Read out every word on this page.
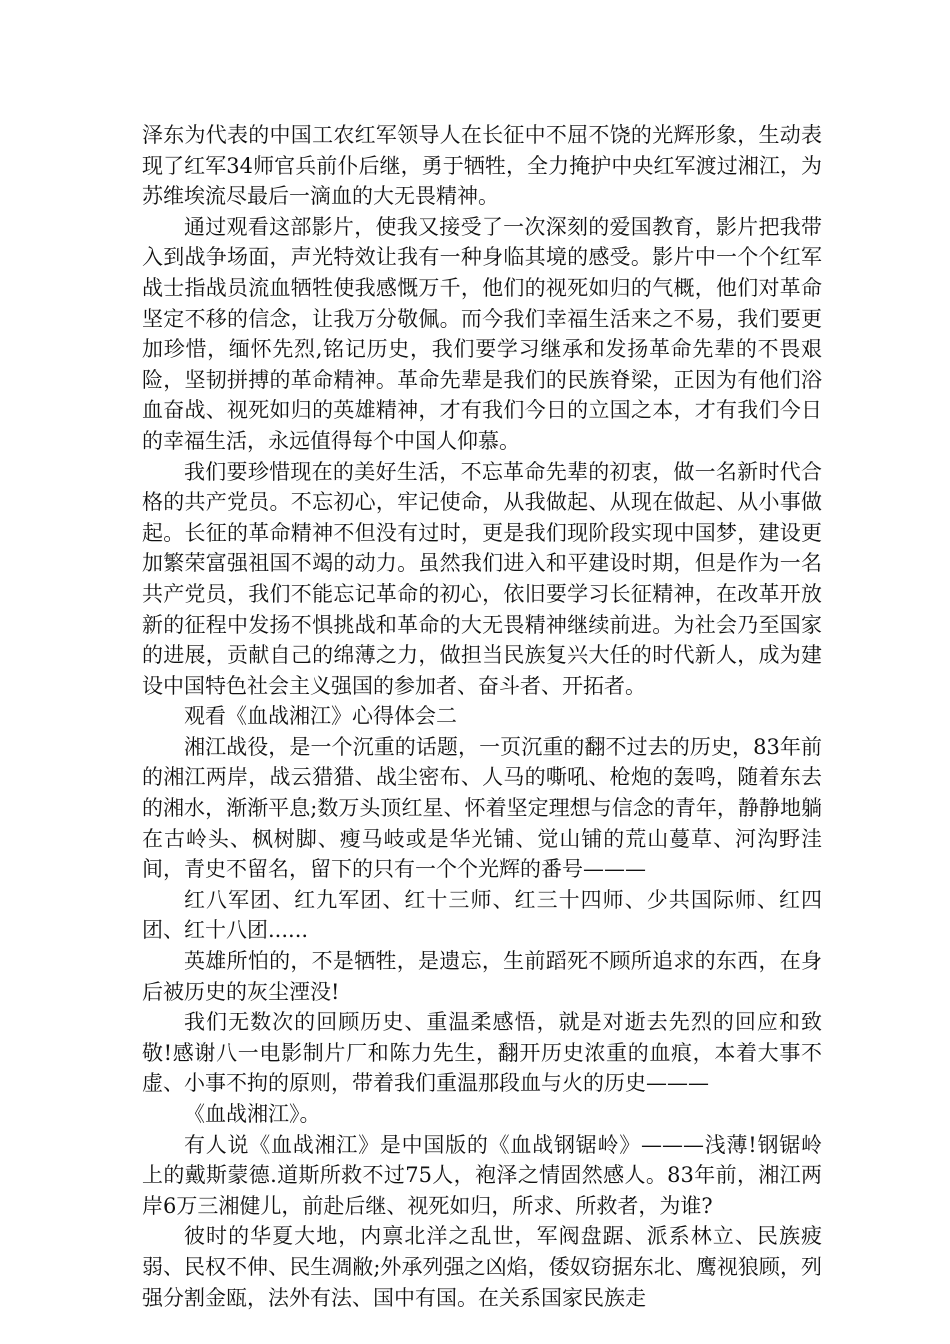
泽东为代表的中国工农红军领导人在长征中不屈不饶的光辉形象，生动表现了红军34师官兵前仆后继，勇于牺牲，全力掩护中央红军渡过湘江，为苏维埃流尽最后一滴血的大无畏精神。

通过观看这部影片，使我又接受了一次深刻的爱国教育，影片把我带入到战争场面，声光特效让我有一种身临其境的感受。影片中一个个红军战士指战员流血牺牲使我感慨万千，他们的视死如归的气概，他们对革命坚定不移的信念，让我万分敬佩。而今我们幸福生活来之不易，我们要更加珍惜，缅怀先烈,铭记历史，我们要学习继承和发扬革命先辈的不畏艰险，坚韧拼搏的革命精神。革命先辈是我们的民族脊梁，正因为有他们浴血奋战、视死如归的英雄精神，才有我们今日的立国之本，才有我们今日的幸福生活，永远值得每个中国人仰慕。

我们要珍惜现在的美好生活，不忘革命先辈的初衷，做一名新时代合格的共产党员。不忘初心，牢记使命，从我做起、从现在做起、从小事做起。长征的革命精神不但没有过时，更是我们现阶段实现中国梦，建设更加繁荣富强祖国不竭的动力。虽然我们进入和平建设时期，但是作为一名共产党员，我们不能忘记革命的初心，依旧要学习长征精神，在改革开放新的征程中发扬不惧挑战和革命的大无畏精神继续前进。为社会乃至国家的进展，贡献自己的绵薄之力，做担当民族复兴大任的时代新人，成为建设中国特色社会主义强国的参加者、奋斗者、开拓者。

观看《血战湘江》心得体会二

湘江战役，是一个沉重的话题，一页沉重的翻不过去的历史，83年前的湘江两岸，战云猎猎、战尘密布、人马的嘶吼、枪炮的轰鸣，随着东去的湘水，渐渐平息;数万头顶红星、怀着坚定理想与信念的青年，静静地躺在古岭头、枫树脚、瘦马岐或是华光铺、觉山铺的荒山蔓草、河沟野洼间，青史不留名，留下的只有一个个光辉的番号———

红八军团、红九军团、红十三师、红三十四师、少共国际师、红四团、红十八团......

英雄所怕的，不是牺牲，是遗忘，生前蹈死不顾所追求的东西，在身后被历史的灰尘湮没!

我们无数次的回顾历史、重温柔感悟，就是对逝去先烈的回应和致敬!感谢八一电影制片厂和陈力先生，翻开历史浓重的血痕，本着大事不虚、小事不拘的原则，带着我们重温那段血与火的历史———

《血战湘江》。

有人说《血战湘江》是中国版的《血战钢锯岭》———浅薄!钢锯岭上的戴斯蒙德.道斯所救不过75人，袍泽之情固然感人。83年前，湘江两岸6万三湘健儿，前赴后继、视死如归，所求、所救者，为谁?

彼时的华夏大地，内禀北洋之乱世，军阀盘踞、派系林立、民族疲弱、民权不伸、民生凋敝;外承列强之凶焰，倭奴窃据东北、鹰视狼顾，列强分割金瓯，法外有法、国中有国。在关系国家民族走
